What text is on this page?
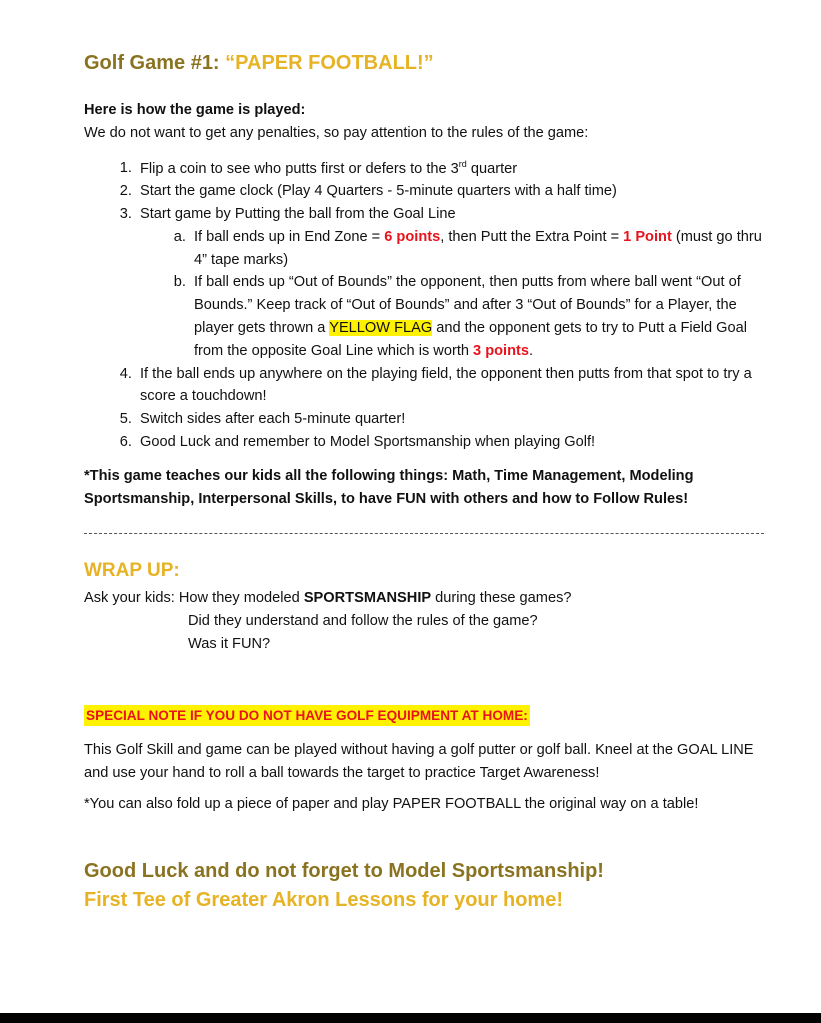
Golf Game #1: “PAPER FOOTBALL!”

Here is how the game is played:

We do not want to get any penalties, so pay attention to the rules of the game:

1. Flip a coin to see who putts first or defers to the 3rd quarter
2. Start the game clock (Play 4 Quarters - 5-minute quarters with a half time)
3. Start game by Putting the ball from the Goal Line
a. If ball ends up in End Zone = 6 points, then Putt the Extra Point = 1 Point (must go thru 4” tape marks)
b. If ball ends up “Out of Bounds” the opponent, then putts from where ball went “Out of Bounds.” Keep track of “Out of Bounds” and after 3 “Out of Bounds” for a Player, the player gets thrown a YELLOW FLAG and the opponent gets to try to Putt a Field Goal from the opposite Goal Line which is worth 3 points.
4. If the ball ends up anywhere on the playing field, the opponent then putts from that spot to try a score a touchdown!
5. Switch sides after each 5-minute quarter!
6. Good Luck and remember to Model Sportsmanship when playing Golf!

*This game teaches our kids all the following things: Math, Time Management, Modeling Sportsmanship, Interpersonal Skills, to have FUN with others and how to Follow Rules!

WRAP UP:

Ask your kids: How they modeled SPORTSMANSHIP during these games?

Did they understand and follow the rules of the game?

Was it FUN?

SPECIAL NOTE IF YOU DO NOT HAVE GOLF EQUIPMENT AT HOME:

This Golf Skill and game can be played without having a golf putter or golf ball. Kneel at the GOAL LINE and use your hand to roll a ball towards the target to practice Target Awareness!

*You can also fold up a piece of paper and play PAPER FOOTBALL the original way on a table!

Good Luck and do not forget to Model Sportsmanship!
First Tee of Greater Akron Lessons for your home!
